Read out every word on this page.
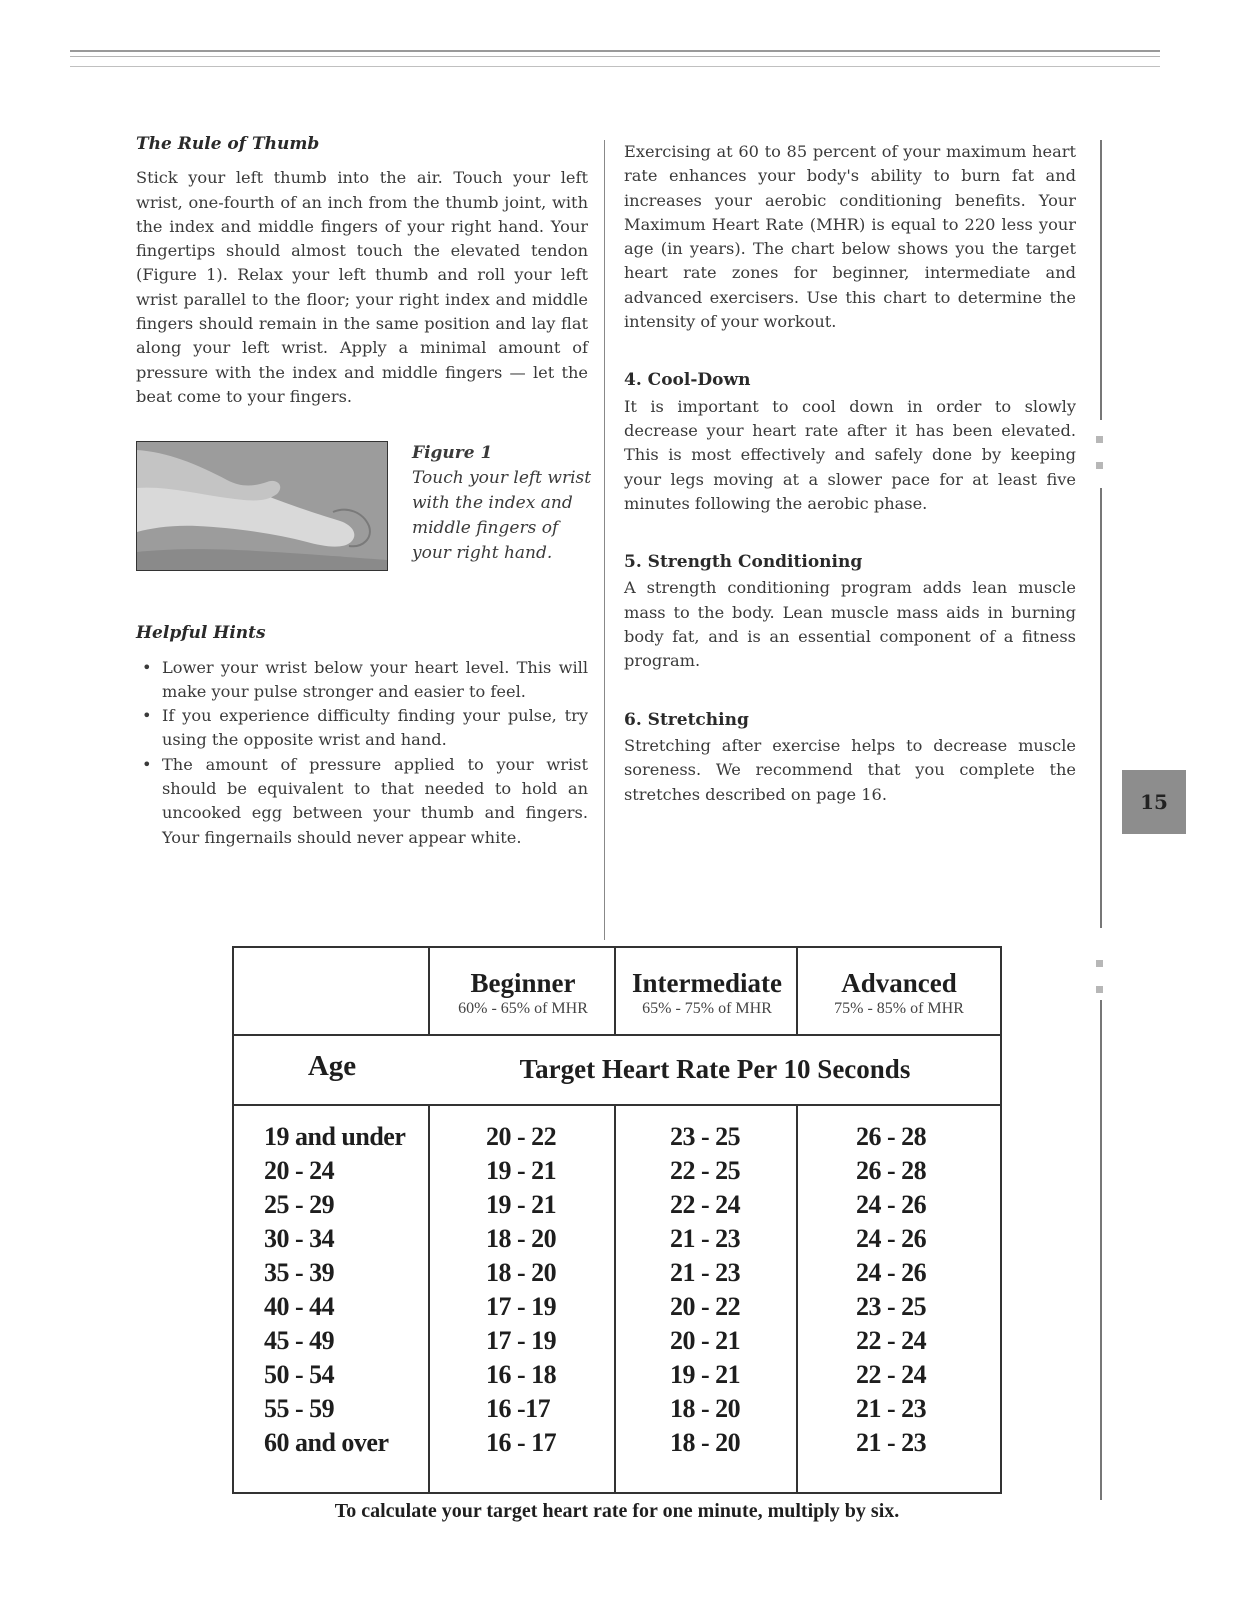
The Rule of Thumb

Stick your left thumb into the air. Touch your left wrist, one-fourth of an inch from the thumb joint, with the index and middle fingers of your right hand. Your fingertips should almost touch the elevated tendon (Figure 1). Relax your left thumb and roll your left wrist parallel to the floor; your right index and middle fingers should remain in the same position and lay flat along your left wrist. Apply a minimal amount of pressure with the index and middle fingers — let the beat come to your fingers.

Figure 1
Touch your left wrist with the index and middle fingers of your right hand.
Helpful Hints
• Lower your wrist below your heart level. This will make your pulse stronger and easier to feel.
• If you experience difficulty finding your pulse, try using the opposite wrist and hand.
• The amount of pressure applied to your wrist should be equivalent to that needed to hold an uncooked egg between your thumb and fingers. Your fingernails should never appear white.

Exercising at 60 to 85 percent of your maximum heart rate enhances your body's ability to burn fat and increases your aerobic conditioning benefits. Your Maximum Heart Rate (MHR) is equal to 220 less your age (in years). The chart below shows you the target heart rate zones for beginner, intermediate and advanced exercisers. Use this chart to determine the intensity of your workout.

4. Cool-Down

It is important to cool down in order to slowly decrease your heart rate after it has been elevated. This is most effectively and safely done by keeping your legs moving at a slower pace for at least five minutes following the aerobic phase.

5. Strength Conditioning

A strength conditioning program adds lean muscle mass to the body. Lean muscle mass aids in burning body fat, and is an essential component of a fitness program.

6. Stretching

Stretching after exercise helps to decrease muscle soreness. We recommend that you complete the stretches described on page 16.	15
Beginner
60% - 65% of MHR
Intermediate
65% - 75% of MHR
Advanced
75% - 85% of MHR
Age	Target Heart Rate Per 10 Seconds
19 and under
20 - 24
25 - 29
30 - 34
35 - 39
40 - 44
45 - 49
50 - 54
55 - 59
60 and over
20 - 22
19 - 21
19 - 21
18 - 20
18 - 20
17 - 19
17 - 19
16 - 18
16 -17
16 - 17
23 - 25
22 - 25
22 - 24
21 - 23
21 - 23
20 - 22
20 - 21
19 - 21
18 - 20
18 - 20
26 - 28
26 - 28
24 - 26
24 - 26
24 - 26
23 - 25
22 - 24
22 - 24
21 - 23
21 - 23
To calculate your target heart rate for one minute, multiply by six.
